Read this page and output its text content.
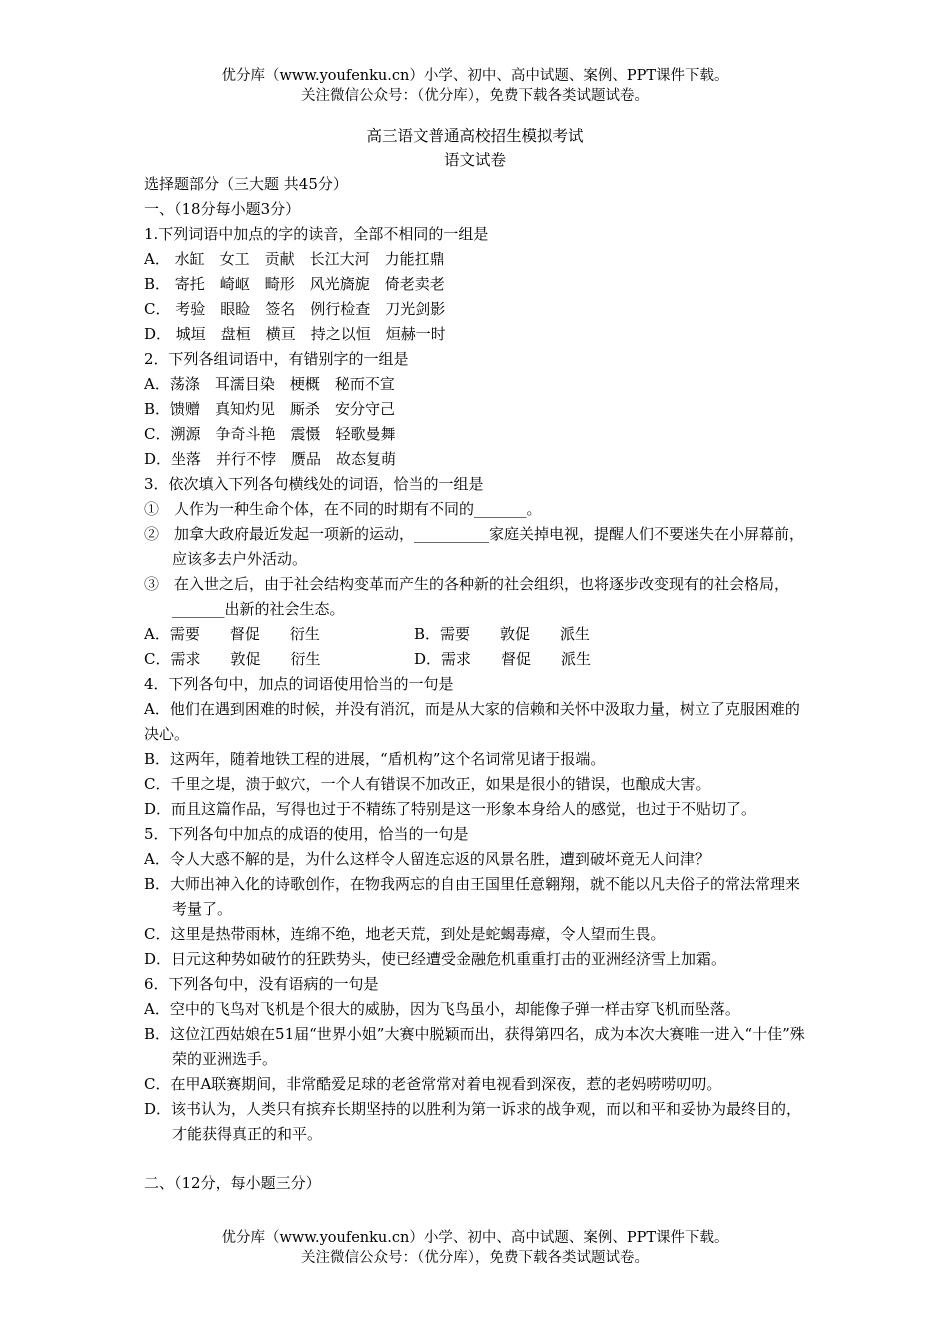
优分库（www.youfenku.cn）小学、初中、高中试题、案例、PPT课件下载。
关注微信公众号：（优分库），免费下载各类试题试卷。
高三语文普通高校招生模拟考试
语文试卷
选择题部分（三大题 共45分）
一、（18分每小题3分）
1.下列词语中加点的字的读音，全部不相同的一组是
A． 水缸　女工　贡献　长江大河　力能扛鼎
B． 寄托　崎岖　畸形　风光旖旎　倚老卖老
C． 考验　眼睑　签名　例行检查　刀光剑影
D． 城垣　盘桓　横亘　持之以恒　烜赫一时
2．下列各组词语中，有错别字的一组是
A．荡涤　耳濡目染　梗概　秘而不宣
B．馈赠　真知灼见　厮杀　安分守己
C．溯源　争奇斗艳　震慑　轻歌曼舞
D．坐落　并行不悖　赝品　故态复萌
3．依次填入下列各句横线处的词语，恰当的一组是
①　人作为一种生命个体，在不同的时期有不同的_______。
②　加拿大政府最近发起一项新的运动，__________家庭关掉电视，提醒人们不要迷失在小屏幕前，应该多去户外活动。
③　在入世之后，由于社会结构变革而产生的各种新的社会组织，也将逐步改变现有的社会格局，_______出新的社会生态。
A．需要　　督促　　衍生	B．需要　　敦促　　派生
C．需求　　敦促　　衍生	D．需求　　督促　　派生
4．下列各句中，加点的词语使用恰当的一句是
A．他们在遇到困难的时候，并没有消沉，而是从大家的信赖和关怀中汲取力量，树立了克服困难的决心。
B．这两年，随着地铁工程的进展，“盾机构”这个名词常见诸于报端。
C．千里之堤，溃于蚁穴，一个人有错误不加改正，如果是很小的错误，也酿成大害。
D．而且这篇作品，写得也过于不精练了特别是这一形象本身给人的感觉，也过于不贴切了。
5．下列各句中加点的成语的使用，恰当的一句是
A．令人大惑不解的是，为什么这样令人留连忘返的风景名胜，遭到破坏竟无人问津？
B．大师出神入化的诗歌创作，在物我两忘的自由王国里任意翱翔，就不能以凡夫俗子的常法常理来考量了。
C．这里是热带雨林，连绵不绝，地老天荒，到处是蛇蝎毒瘴，令人望而生畏。
D．日元这种势如破竹的狂跌势头，使已经遭受金融危机重重打击的亚洲经济雪上加霜。
6．下列各句中，没有语病的一句是
A．空中的飞鸟对飞机是个很大的威胁，因为飞鸟虽小，却能像子弹一样击穿飞机而坠落。
B．这位江西姑娘在51届“世界小姐”大赛中脱颖而出，获得第四名，成为本次大赛唯一进入“十佳”殊荣的亚洲选手。
C．在甲A联赛期间，非常酷爱足球的老爸常常对着电视看到深夜，惹的老妈唠唠叨叨。
D．该书认为，人类只有摈弃长期坚持的以胜利为第一诉求的战争观，而以和平和妥协为最终目的，才能获得真正的和平。
二、（12分，每小题三分）
优分库（www.youfenku.cn）小学、初中、高中试题、案例、PPT课件下载。
关注微信公众号：（优分库），免费下载各类试题试卷。
